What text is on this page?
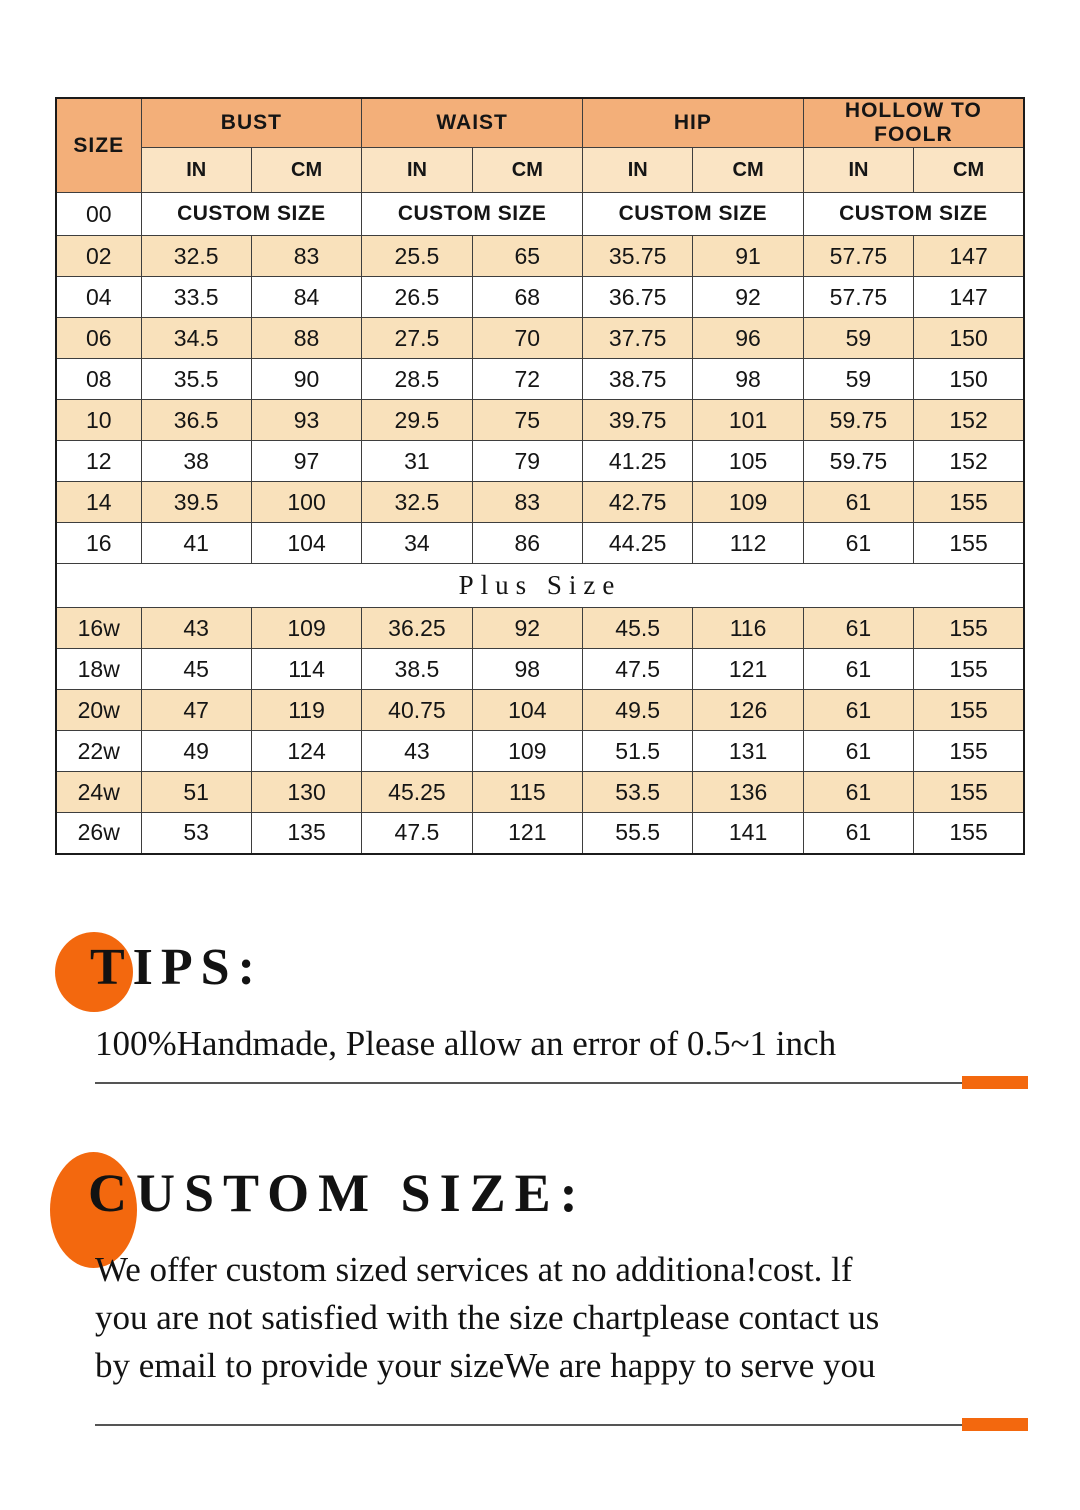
SIZE	BUST		WAIST		HIP		HOLLOW TO FOOLR	
	IN	CM	IN	CM	IN	CM	IN	CM
00	CUSTOM SIZE		CUSTOM SIZE		CUSTOM SIZE		CUSTOM SIZE	
02	32.5	83	25.5	65	35.75	91	57.75	147
04	33.5	84	26.5	68	36.75	92	57.75	147
06	34.5	88	27.5	70	37.75	96	59	150
08	35.5	90	28.5	72	38.75	98	59	150
10	36.5	93	29.5	75	39.75	101	59.75	152
12	38	97	31	79	41.25	105	59.75	152
14	39.5	100	32.5	83	42.75	109	61	155
16	41	104	34	86	44.25	112	61	155
Plus Size								
16w	43	109	36.25	92	45.5	116	61	155
18w	45	114	38.5	98	47.5	121	61	155
20w	47	119	40.75	104	49.5	126	61	155
22w	49	124	43	109	51.5	131	61	155
24w	51	130	45.25	115	53.5	136	61	155
26w	53	135	47.5	121	55.5	141	61	155
TIPS:

100%Handmade, Please allow an error of 0.5~1 inch

CUSTOM SIZE:

We offer custom sized services at no additiona!cost. lf
you are not satisfied with the size chartplease contact us
by email to provide your sizeWe are happy to serve you
